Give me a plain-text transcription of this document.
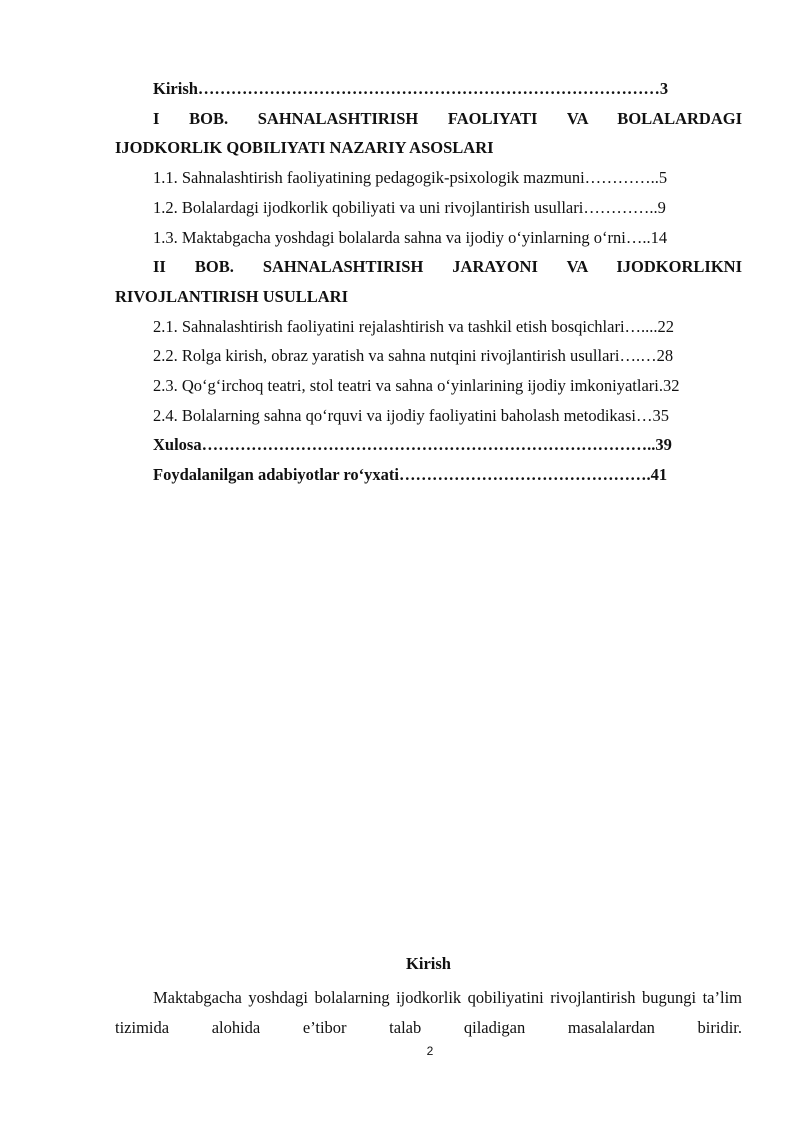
Kirish…………………………………………………………………………3
I BOB. SAHNALASHTIRISH FAOLIYATI VA BOLALARDAGI
IJODKORLIK QOBILIYATI NAZARIY ASOSLARI
1.1. Sahnalashtirish faoliyatining pedagogik-psixologik mazmuni…………..5
1.2. Bolalardagi ijodkorlik qobiliyati va uni rivojlantirish usullari…………..9
1.3. Maktabgacha yoshdagi bolalarda sahna va ijodiy o‘yinlarning o‘rni…..14
II BOB. SAHNALASHTIRISH JARAYONI VA IJODKORLIKNI
RIVOJLANTIRISH USULLARI
2.1. Sahnalashtirish faoliyatini rejalashtirish va tashkil etish bosqichlari…....22
2.2. Rolga kirish, obraz yaratish va sahna nutqini rivojlantirish usullari….…28
2.3. Qo‘g‘irchoq teatri, stol teatri va sahna o‘yinlarining ijodiy imkoniyatlari.32
2.4. Bolalarning sahna qo‘rquvi va ijodiy faoliyatini baholash metodikasi…35
Xulosa………………………………………………………………………..39
Foydalanilgan adabiyotlar ro‘yxati……………………………………….41
Kirish
Maktabgacha yoshdagi bolalarning ijodkorlik qobiliyatini rivojlantirish bugungi ta’lim tizimida alohida e’tibor talab qiladigan masalalardan biridir.
2
